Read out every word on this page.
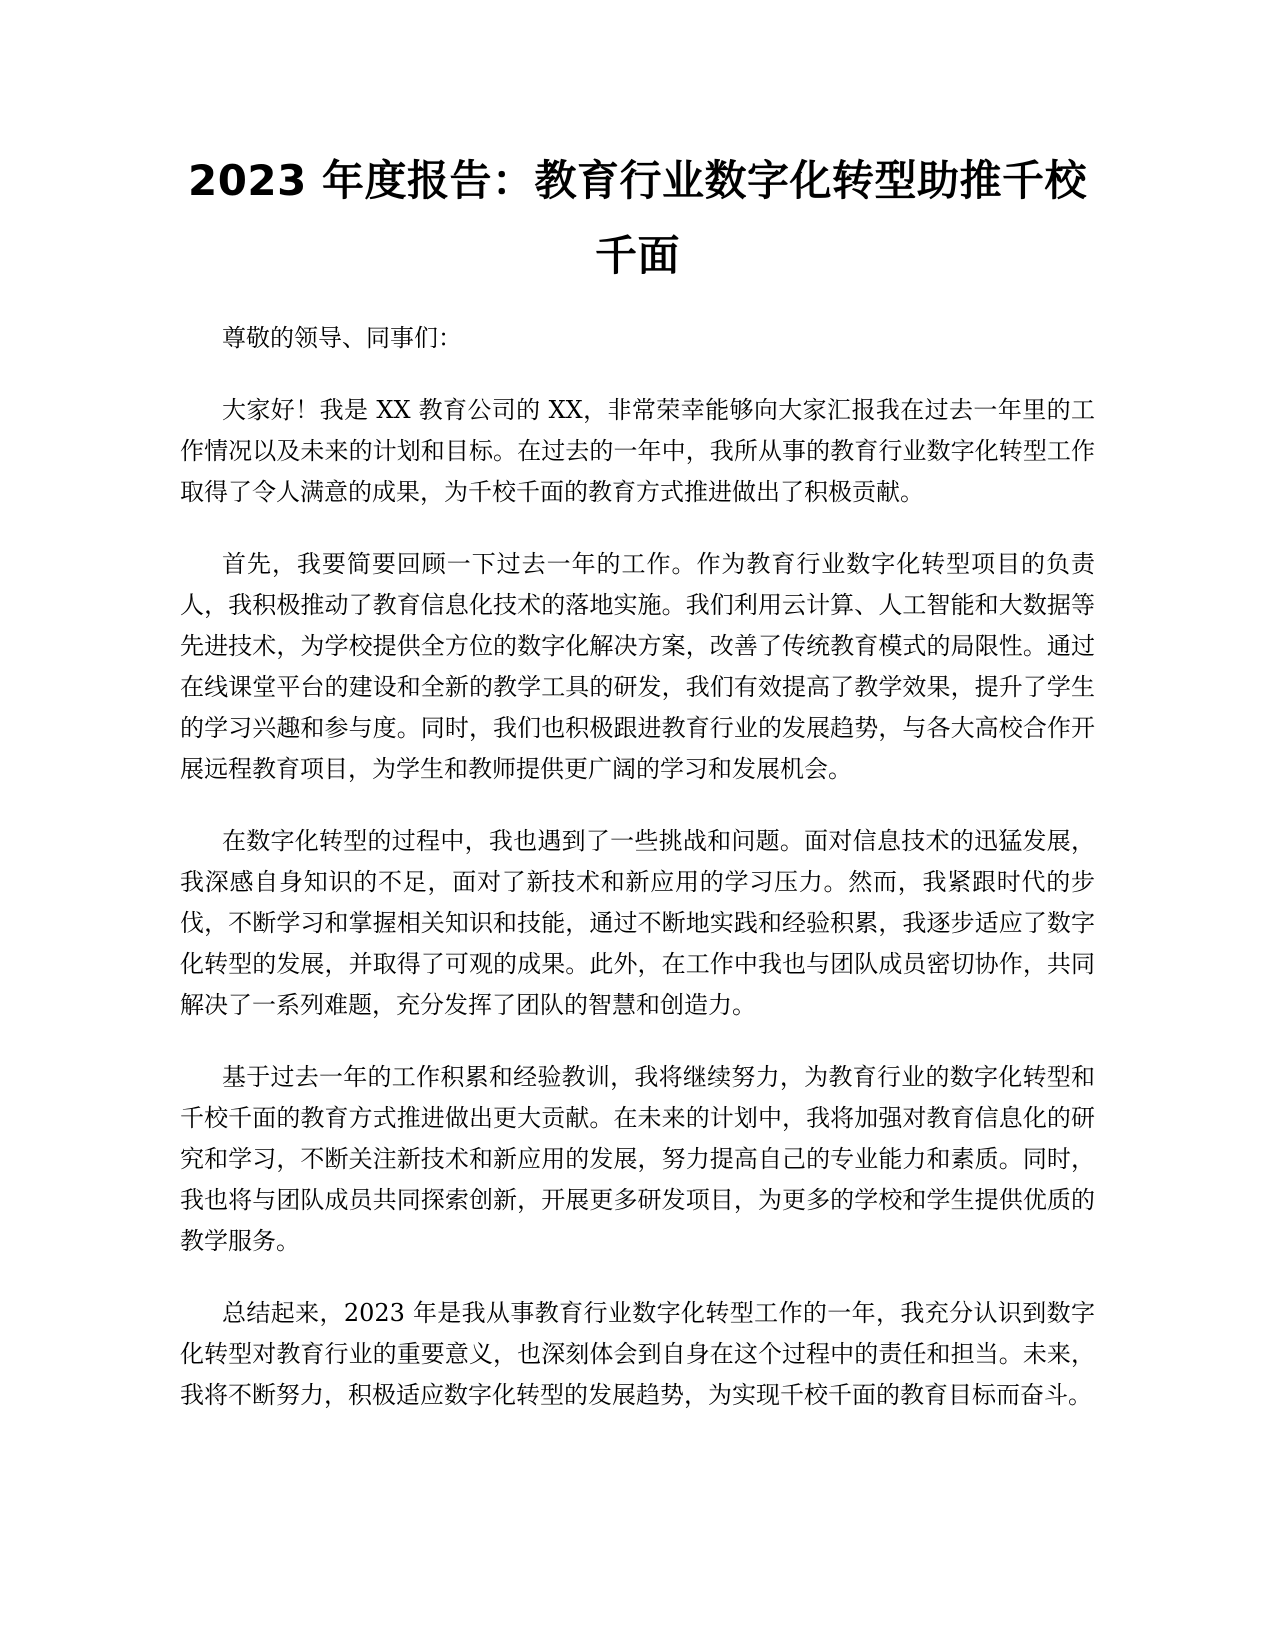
2023 年度报告：教育行业数字化转型助推千校千面

尊敬的领导、同事们：

大家好！我是 XX 教育公司的 XX，非常荣幸能够向大家汇报我在过去一年里的工作情况以及未来的计划和目标。在过去的一年中，我所从事的教育行业数字化转型工作取得了令人满意的成果，为千校千面的教育方式推进做出了积极贡献。

首先，我要简要回顾一下过去一年的工作。作为教育行业数字化转型项目的负责人，我积极推动了教育信息化技术的落地实施。我们利用云计算、人工智能和大数据等先进技术，为学校提供全方位的数字化解决方案，改善了传统教育模式的局限性。通过在线课堂平台的建设和全新的教学工具的研发，我们有效提高了教学效果，提升了学生的学习兴趣和参与度。同时，我们也积极跟进教育行业的发展趋势，与各大高校合作开展远程教育项目，为学生和教师提供更广阔的学习和发展机会。

在数字化转型的过程中，我也遇到了一些挑战和问题。面对信息技术的迅猛发展，我深感自身知识的不足，面对了新技术和新应用的学习压力。然而，我紧跟时代的步伐，不断学习和掌握相关知识和技能，通过不断地实践和经验积累，我逐步适应了数字化转型的发展，并取得了可观的成果。此外，在工作中我也与团队成员密切协作，共同解决了一系列难题，充分发挥了团队的智慧和创造力。

基于过去一年的工作积累和经验教训，我将继续努力，为教育行业的数字化转型和千校千面的教育方式推进做出更大贡献。在未来的计划中，我将加强对教育信息化的研究和学习，不断关注新技术和新应用的发展，努力提高自己的专业能力和素质。同时，我也将与团队成员共同探索创新，开展更多研发项目，为更多的学校和学生提供优质的教学服务。

总结起来，2023 年是我从事教育行业数字化转型工作的一年，我充分认识到数字化转型对教育行业的重要意义，也深刻体会到自身在这个过程中的责任和担当。未来，我将不断努力，积极适应数字化转型的发展趋势，为实现千校千面的教育目标而奋斗。
